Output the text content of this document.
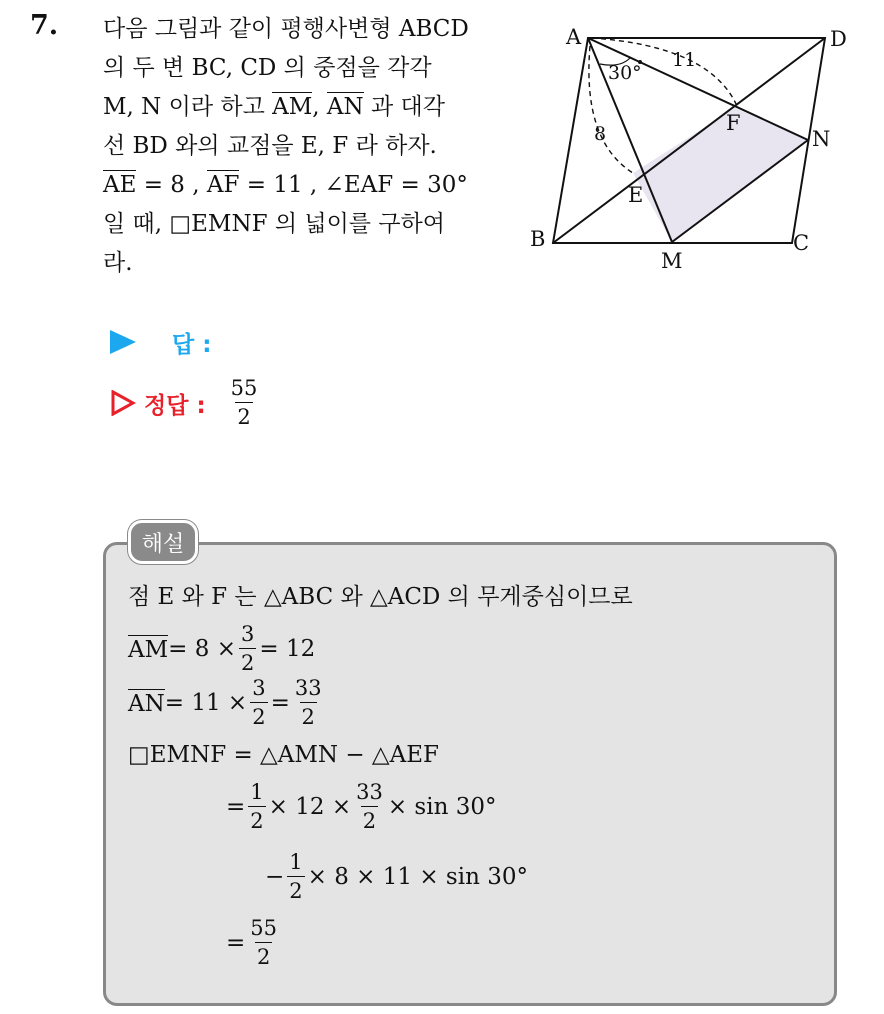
7. 다음 그림과 같이 평행사변형 ABCD
의 두 변 BC, CD 의 중점을 각각
M, N 이라 하고 AM, AN 과 대각
선 BD 와의 교점을 E, F 라 하자.
AE = 8 , AF = 11 , ∠EAF = 30°
일 때, □EMNF 의 넓이를 구하여
라.
A	D
B	C
M
N
E
F
30°
11
8
답 :
정답 : $\frac{55}{2}$
해설
점 E 와 F 는 △ABC 와 △ACD 의 무게중심이므로
AM = $8 \times \frac{3}{2} = 12$
AN = $11 \times \frac{3}{2} = \frac{33}{2}$
□EMNF = △AMN − △AEF
= $\frac{1}{2} \times 12 \times \frac{33}{2} \times \sin 30^\circ$
− $\frac{1}{2} \times 8 \times 11 \times \sin 30^\circ$
= $\frac{55}{2}$
